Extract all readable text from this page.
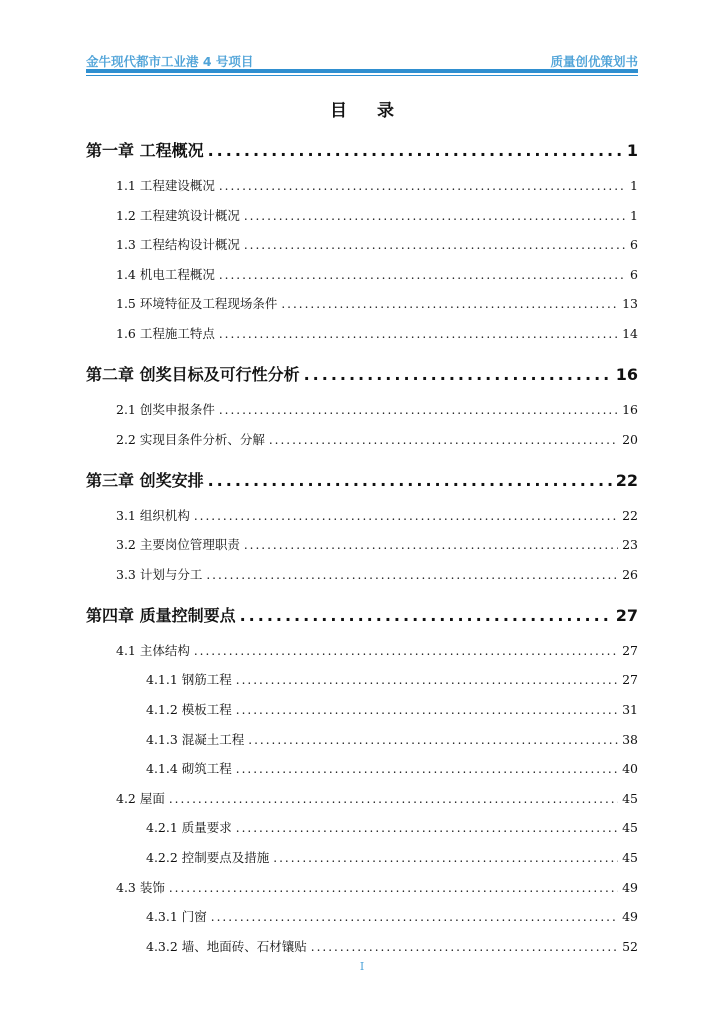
金牛现代都市工业港 4 号项目	质量创优策划书
目录
第一章 工程概况 .....	1
1.1 工程建设概况 .....	1
1.2 工程建筑设计概况 .....	1
1.3 工程结构设计概况 .....	6
1.4 机电工程概况 .....	6
1.5 环境特征及工程现场条件 .....	13
1.6 工程施工特点 .....	14
第二章 创奖目标及可行性分析 .....	16
2.1 创奖申报条件 .....	16
2.2 实现目条件分析、分解 .....	20
第三章 创奖安排 .....	22
3.1 组织机构 .....	22
3.2 主要岗位管理职责 .....	23
3.3 计划与分工 .....	26
第四章 质量控制要点 .....	27
4.1 主体结构 .....	27
4.1.1 钢筋工程 .....	27
4.1.2 模板工程 .....	31
4.1.3 混凝土工程 .....	38
4.1.4 砌筑工程 .....	40
4.2 屋面 .....	45
4.2.1 质量要求 .....	45
4.2.2 控制要点及措施 .....	45
4.3 装饰 .....	49
4.3.1 门窗 .....	49
4.3.2 墙、地面砖、石材镶贴 .....	52
I
